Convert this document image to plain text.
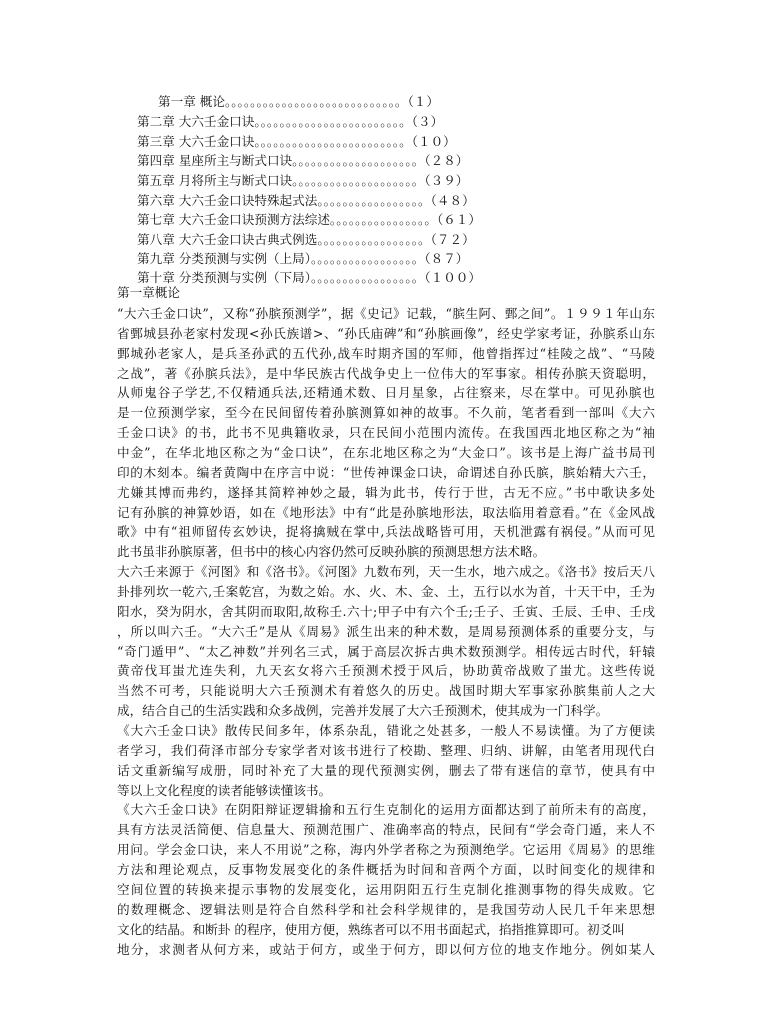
第一章 概论。。。。。。。。。。。。。。。。。。。。。。。。。。。。（１）
第二章 大六壬金口诀。。。。。。。。。。。。。。。。。。。。。。。。（３）
第三章 大六壬金口诀。。。。。。。。。。。。。。。。。。。。。。。。（１０）
第四章 星座所主与断式口诀。。。。。。。。。。。。。。。。。。。。（２８）
第五章 月将所主与断式口诀。。。。。。。。。。。。。。。。。。。。（３９）
第六章 大六壬金口诀特殊起式法。。。。。。。。。。。。。。。。。（４８）
第七章 大六壬金口诀预测方法综述。。。。。。。。。。。。。。。。（６１）
第八章 大六壬金口诀古典式例选。。。。。。。。。。。。。。。。。（７２）
第九章 分类预测与实例（上局）。。。。。。。。。。。。。。。。。（８７）
第十章 分类预测与实例（下局）。。。。。。。。。。。。。。。。。（１００）
第一章概论
“大六壬金口诀”，又称“孙膑预测学”，据《史记》记载，“膑生阿、鄄之间”。１９９１年山东
省鄄城县孙老家村发现<孙氏族谱>、“孙氏庙碑”和“孙膑画像”，经史学家考证，孙膑系山东
鄄城孙老家人，是兵圣孙武的五代孙,战车时期齐国的军师，他曾指挥过“桂陵之战”、“马陵
之战”，著《孙膑兵法》，是中华民族古代战争史上一位伟大的军事家。相传孙膑天资聪明，
从师鬼谷子学艺,不仅精通兵法,还精通术数、日月星象，占往察来，尽在掌中。可见孙膑也
是一位预测学家，至今在民间留传着孙膑测算如神的故事。不久前，笔者看到一部叫《大六
壬金口诀》的书，此书不见典籍收录，只在民间小范围内流传。在我国西北地区称之为“袖
中金”，在华北地区称之为“金口诀”，在东北地区称之为“大金口”。该书是上海广益书局刊
印的木刻本。编者黄陶中在序言中说：“世传神课金口诀，命谓述自孙氏膑，膑始精大六壬，
尤嫌其博而弗约，遂择其简粹神妙之最，辑为此书，传行于世，古无不应。”书中歌诀多处
记有孙膑的神算妙语，如在《地形法》中有“此是孙膑地形法，取法临用着意看。”在《金风战
歌》中有“祖师留传玄妙诀，捉将擒贼在掌中,兵法战略皆可用，天机泄露有祸侵。”从而可见
此书虽非孙膑原著，但书中的核心内容仍然可反映孙膑的预测思想方法术略。
大六壬来源于《河图》和《洛书》。《河图》九数布列，天一生水，地六成之。《洛书》按后天八
卦排列坎一乾六,壬案乾宫，为数之始。水、火、木、金、土，五行以水为首，十天干中，壬为
阳水，癸为阴水，舍其阴而取阳,故称壬.六十;甲子中有六个壬;壬子、壬寅、壬辰、壬申、壬戌
，所以叫六壬。“大六壬”是从《周易》派生出来的种术数，是周易预测体系的重要分支，与
“奇门遁甲”、“太乙神数”并列名三式，属于高层次拆古典术数预测学。相传远古时代，轩辕
黄帝伐耳蚩尤连失利，九天玄女将六壬预测术授于风后，协助黄帝战败了蚩尤。这些传说
当然不可考，只能说明大六壬预测术有着悠久的历史。战国时期大军事家孙膑集前人之大
成，结合自己的生活实践和众多战例，完善并发展了大六壬预测术，使其成为一门科学。
《大六壬金口诀》散传民间多年，体系杂乱，错讹之处甚多，一般人不易读懂。为了方便读
者学习，我们荷泽市部分专家学者对该书进行了校勘、整理、归纳、讲解，由笔者用现代白
话文重新编写成册，同时补充了大量的现代预测实例，删去了带有迷信的章节，使具有中
等以上文化程度的读者能够读懂该书。
《大六壬金口诀》在阴阳辩证逻辑揄和五行生克制化的运用方面都达到了前所未有的高度，
具有方法灵活简便、信息量大、预测范围广、准确率高的特点，民间有“学会奇门遁，来人不
用问。学会金口诀，来人不用说”之称，海内外学者称之为预测绝学。它运用《周易》的思维
方法和理论观点，反事物发展变化的条件概括为时间和音两个方面，以时间变化的规律和
空间位置的转换来提示事物的发展变化，运用阴阳五行生克制化推测事物的得失成败。它
的数理概念、逻辑法则是符合自然科学和社会科学规律的，是我国劳动人民几千年来思想
文化的结晶。和断卦 的程序，使用方便，熟练者可以不用书面起式，掐指推算即可。初爻叫
地分，求测者从何方来，或站于何方，或坐于何方，即以何方位的地支作地分。例如某人
